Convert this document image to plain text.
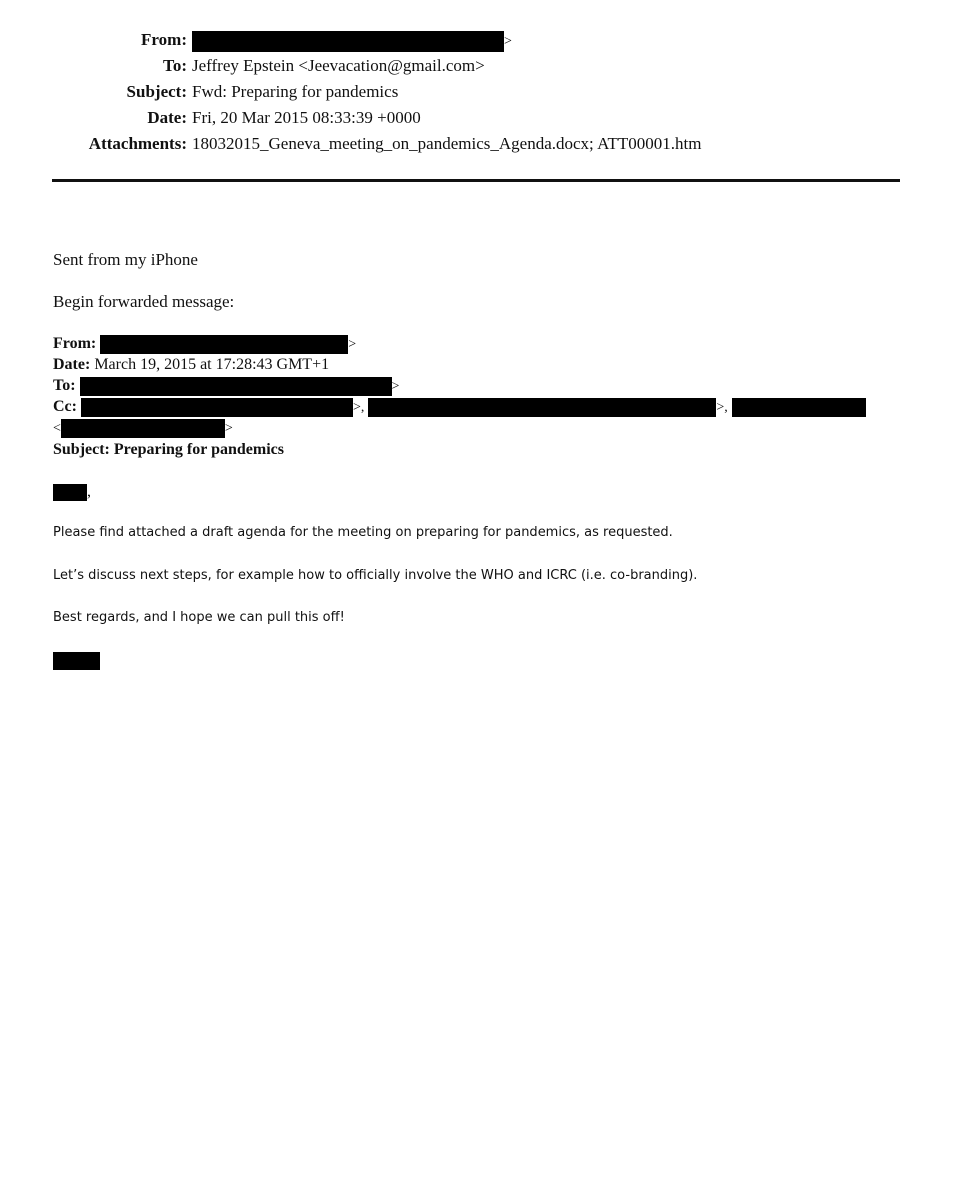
From:	>
To: Jeffrey Epstein <Jeevacation@gmail.com>
Subject: Fwd: Preparing for pandemics
Date: Fri, 20 Mar 2015 08:33:39 +0000
Attachments: 18032015_Geneva_meeting_on_pandemics_Agenda.docx; ATT00001.htm
Sent from my iPhone
Begin forwarded message:
From:	>
Date: March 19, 2015 at 17:28:43 GMT+1
To:	>
Cc:	>,	>,
<	>
Subject: Preparing for pandemics
,
Please find attached a draft agenda for the meeting on preparing for pandemics, as requested.
Let’s discuss next steps, for example how to officially involve the WHO and ICRC (i.e. co-branding).
Best regards, and I hope we can pull this off!
